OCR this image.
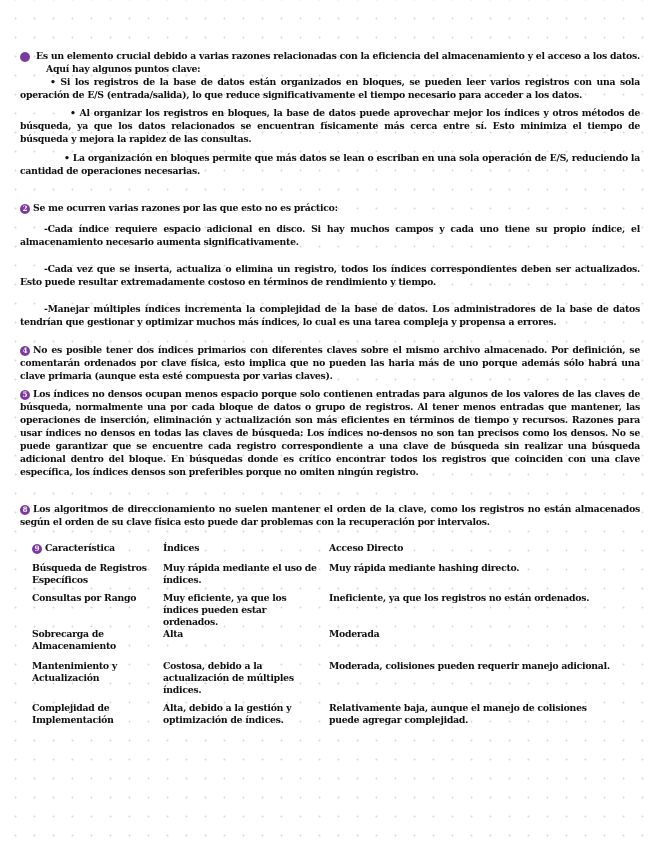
1 Es un elemento crucial debido a varias razones relacionadas con la eficiencia del almacenamiento y el acceso a los datos. Aquí hay algunos puntos clave:

• Si los registros de la base de datos están organizados en bloques, se pueden leer varios registros con una sola operación de E/S (entrada/salida), lo que reduce significativamente el tiempo necesario para acceder a los datos.

• Al organizar los registros en bloques, la base de datos puede aprovechar mejor los índices y otros métodos de búsqueda, ya que los datos relacionados se encuentran físicamente más cerca entre sí. Esto minimiza el tiempo de búsqueda y mejora la rapidez de las consultas.

• La organización en bloques permite que más datos se lean o escriban en una sola operación de E/S, reduciendo la cantidad de operaciones necesarias.

2 Se me ocurren varias razones por las que esto no es práctico:

-Cada índice requiere espacio adicional en disco. Si hay muchos campos y cada uno tiene su propio índice, el almacenamiento necesario aumenta significativamente.

-Cada vez que se inserta, actualiza o elimina un registro, todos los índices correspondientes deben ser actualizados. Esto puede resultar extremadamente costoso en términos de rendimiento y tiempo.

-Manejar múltiples índices incrementa la complejidad de la base de datos. Los administradores de la base de datos tendrían que gestionar y optimizar muchos más índices, lo cual es una tarea compleja y propensa a errores.

4 No es posible tener dos índices primarios con diferentes claves sobre el mismo archivo almacenado. Por definición, se comentarán ordenados por clave física, esto implica que no pueden las haria más de uno porque además sólo habrá una clave primaria (aunque esta esté compuesta por varias claves).

5 Los índices no densos ocupan menos espacio porque solo contienen entradas para algunos de los valores de las claves de búsqueda, normalmente una por cada bloque de datos o grupo de registros. Al tener menos entradas que mantener, las operaciones de inserción, eliminación y actualización son más eficientes en términos de tiempo y recursos. Razones para usar índices no densos en todas las claves de búsqueda: Los índices no-densos no son tan precisos como los densos. No se puede garantizar que se encuentre cada registro correspondiente a una clave de búsqueda sin realizar una búsqueda adicional dentro del bloque. En búsquedas donde es crítico encontrar todos los registros que coinciden con una clave específica, los índices densos son preferibles porque no omiten ningún registro.

8 Los algoritmos de direccionamiento no suelen mantener el orden de la clave, como los registros no están almacenados según el orden de su clave física esto puede dar problemas con la recuperación por intervalos.

9 Característica	Índices	Acceso Directo
Búsqueda de Registros Específicos	Muy rápida mediante el uso de índices.	Muy rápida mediante hashing directo.
Consultas por Rango	Muy eficiente, ya que los índices pueden estar ordenados.	Ineficiente, ya que los registros no están ordenados.
Sobrecarga de Almacenamiento	Alta	Moderada
Mantenimiento y Actualización	Costosa, debido a la actualización de múltiples índices.	Moderada, colisiones pueden requerir manejo adicional.
Complejidad de Implementación	Alta, debido a la gestión y optimización de índices.	Relativamente baja, aunque el manejo de colisiones puede agregar complejidad.
